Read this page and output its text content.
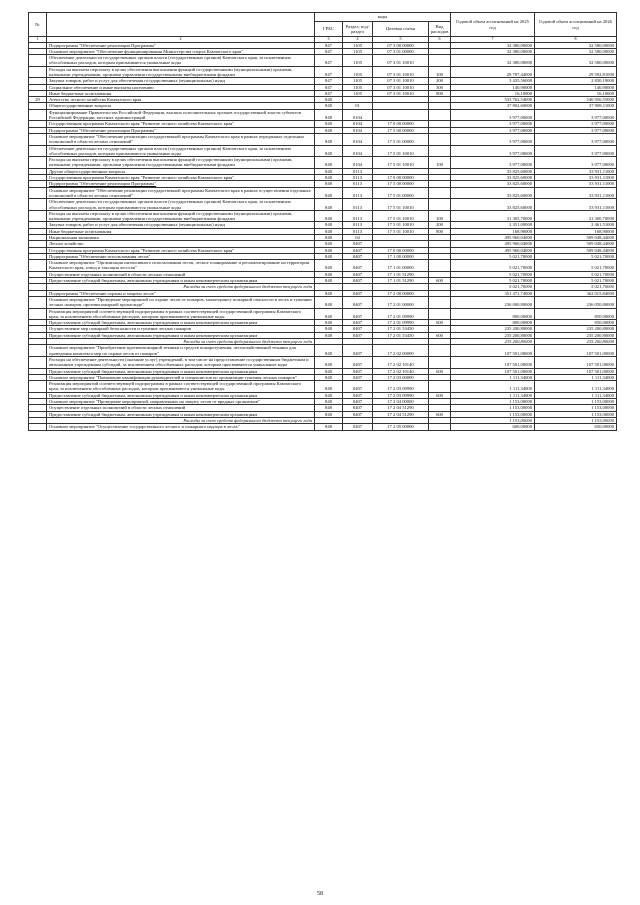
№		коды				Годовой объем ассигнований на 2025 год	Годовой объем ассигнований на 2026 год
		ГРБС	Раздел, под-раздел	Целевая статья	Вид расходов		
1	2	3	4	5	6	7	8
	Подпрограмма "Обеспечение реализации Программы"	847	1105	07 3 00 00000		32 380,00000	32 580,00000
	Основное мероприятие "Обеспечение функционирования Министерства спорта Камчатского края"	847	1105	07 3 01 00000		32 380,00000	32 580,00000
	Обеспечение деятельности государственных органов власти (государственных органов) Камчатского края, за исключением обособленных расходов, которым присваиваются уникальные коды	847	1105	07 3 01 10010		32 380,00000	32 580,00000
	Расходы на выплаты персоналу в целях обеспечения выполнения функций государственными (муниципальными) органами, казенными учреждениями, органами управления государственными внебюджетными фондами	847	1105	07 3 01 10010	100	28 787,44000	29 592,81000
	Закупка товаров, работ и услуг для обеспечения государственных (муниципальных) нужд	847	1105	07 3 01 10010	200	3 435,56000	2 830,19000
	Социальное обеспечение и иные выплаты населению	847	1105	07 3 01 10010	300	140,90000	140,90000
	Иные бюджетные ассигнования	847	1105	07 3 01 10010	800	16,10000	16,10000
29	Агентство лесного хозяйства Камчатского края	848				533 762,54000	546 956,55000
	Общегосударственные вопросы	848	01			37 802,60000	37 908,11000
	Функционирование Правительства Российской Федерации, высших исполнительных органов государственной власти субъектов Российской Федерации, местных администраций	848	0104			3 977,00000	3 977,00000
	Государственная программа Камчатского края "Развитие лесного хозяйства Камчатского края"	848	0104	17 0 00 00000		3 977,00000	3 977,00000
	Подпрограмма "Обеспечение реализации Программы"	848	0104	17 5 00 00000		3 977,00000	3 977,00000
	Основное мероприятие "Обеспечение реализации государственной программы Камчатского края в рамках переданных отдельных полномочий в области лесных отношений"	848	0104	17 5 01 00000		3 977,00000	3 977,00000
	Обеспечение деятельности государственных органов власти (государственных органов) Камчатского края, за исключением обособленных расходов, которым присваиваются уникальные коды	848	0104	17 5 01 10010		3 977,00000	3 977,00000
	Расходы на выплаты персоналу в целях обеспечения выполнения функций государственными (муниципальными) органами, казенными учреждениями, органами управления государственными внебюджетными фондами	848	0104	17 5 01 10010	100	3 977,00000	3 977,00000
	Другие общегосударственные вопросы	848	0113			33 825,60000	33 931,11000
	Государственная программа Камчатского края "Развитие лесного хозяйства Камчатского края"	848	0113	17 0 00 00000		33 825,60000	33 931,11000
	Подпрограмма "Обеспечение реализации Программы"	848	0113	17 5 00 00000		33 825,60000	33 931,11000
	Основное мероприятие "Обеспечение реализации государственной программы Камчатского края в рамках осуществления отдельных полномочий в области лесных отношений"	848	0113	17 5 01 00000		33 825,60000	33 931,11000
	Обеспечение деятельности государственных органов власти (государственных органов) Камчатского края, за исключением обособленных расходов, которым присваиваются уникальные коды	848	0113	17 5 01 10010		33 825,60000	33 931,11000
	Расходы на выплаты персоналу в целях обеспечения выполнения функций государственными (муниципальными) органами, казенными учреждениями, органами управления государственными внебюджетными фондами	848	0113	17 5 01 10010	100	31 305,70000	31 300,70000
	Закупка товаров, работ и услуг для обеспечения государственных (муниципальных) нужд	848	0113	17 5 01 10010	200	2 351,00000	2 461,51000
	Иные бюджетные ассигнования	848	0113	17 5 01 10010	800	168,90000	168,90000
	Национальная экономика	848	04			495 960,04000	509 048,44000
	Лесное хозяйство	848	0407			495 960,04000	509 048,44000
	Государственная программа Камчатского края "Развитие лесного хозяйства Камчатского края"	848	0407	17 0 00 00000		495 960,04000	509 048,44000
	Подпрограмма "Обеспечение использования лесов"	848	0407	17 1 00 00000		5 021,70000	5 021,70000
	Основное мероприятие "Организация интенсивного использования лесов, лесное планирование и регламентирование на территории Камчатского края, отвод и таксация лесосек"	848	0407	17 1 01 00000		5 021,70000	5 021,70000
	Осуществление отдельных полномочий в области лесных отношений	848	0407	17 1 01 51290		5 021,70000	5 021,70000
	Предоставление субсидий бюджетным, автономным учреждениям и иным некоммерческим организациям	848	0407	17 1 01 51290	600	5 021,70000	5 021,70000
	Расходы за счет средств федерального бюджета текущего года					5 021,70000	5 021,70000
	Подпрограмма "Обеспечение охраны и защиты лесов"	848	0407	17 2 00 00000		351 471,74000	362 015,84000
	Основное мероприятие "Проведение мероприятий по охране лесов от пожаров, мониторингу пожарной опасности в лесах и тушению лесных пожаров, противопожарной пропаганде"	848	0407	17 2 01 00000		236 000,80000	236 050,80000
	Реализация мероприятий соответствующей подпрограммы в рамках соответствующей государственной программы Камчатского края, за исключением обособленных расходов, которым присваиваются уникальные коды	848	0407	17 2 01 09990		800,00000	850,00000
	Предоставление субсидий бюджетным, автономным учреждениям и иным некоммерческим организациям	848	0407	17 2 01 09990	600	800,00000	850,00000
	Осуществление мер пожарной безопасности и тушение лесных пожаров	848	0407	17 2 01 53450		235 200,80000	235 200,80000
	Предоставление субсидий бюджетным, автономным учреждениям и иным некоммерческим организациям	848	0407	17 2 01 53450	600	235 200,80000	235 200,80000
	Расходы за счет средств федерального бюджета текущего года					235 200,80000	235 200,80000
	Основное мероприятие "Приобретение противопожарной техники и средств пожаротушения, лесохозяйственной техники для проведения комплекса мер по охране лесов от пожаров"	848	0407	17 2 02 00000		107 501,00000	107 501,00000
	Расходы на обеспечение деятельности (оказание услуг) учреждений, в том числе на предоставление государственным бюджетным и автономным учреждениям субсидий, за исключением обособленных расходов, которым присваиваются уникальные коды	848	0407	17 2 02 10140		107 501,00000	107 501,00000
	Предоставление субсидий бюджетным, автономным учреждениям и иным некоммерческим организациям	848	0407	17 2 02 10140	600	107 501,00000	107 501,00000
	Основное мероприятие "Повышение квалификации руководителей и специалистов по организации тушения лесных пожаров"	848	0407	17 2 03 00000		1 111,34000	1 111,34000
	Реализация мероприятий соответствующей подпрограммы в рамках соответствующей государственной программы Камчатского края, за исключением обособленных расходов, которым присваиваются уникальные коды	848	0407	17 2 03 09990		1 111,34000	1 111,34000
	Предоставление субсидий бюджетным, автономным учреждениям и иным некоммерческим организациям	848	0407	17 2 03 09990	600	1 111,34000	1 111,34000
	Основное мероприятие "Проведение мероприятий, направленных на защиту лесов от вредных организмов"	848	0407	17 2 04 00000		1 153,00000	1 153,00000
	Осуществление отдельных полномочий в области лесных отношений	848	0407	17 2 04 51290		1 153,00000	1 153,00000
	Предоставление субсидий бюджетным, автономным учреждениям и иным некоммерческим организациям	848	0407	17 2 04 51290	600	1 153,00000	1 153,00000
	Расходы за счет средств федерального бюджета текущего года					1 153,00000	1 153,00000
	Основное мероприятие "Осуществление государственного лесного и пожарного надзора в лесах"	848	0407	17 2 05 00000		600,00000	650,00000
58
